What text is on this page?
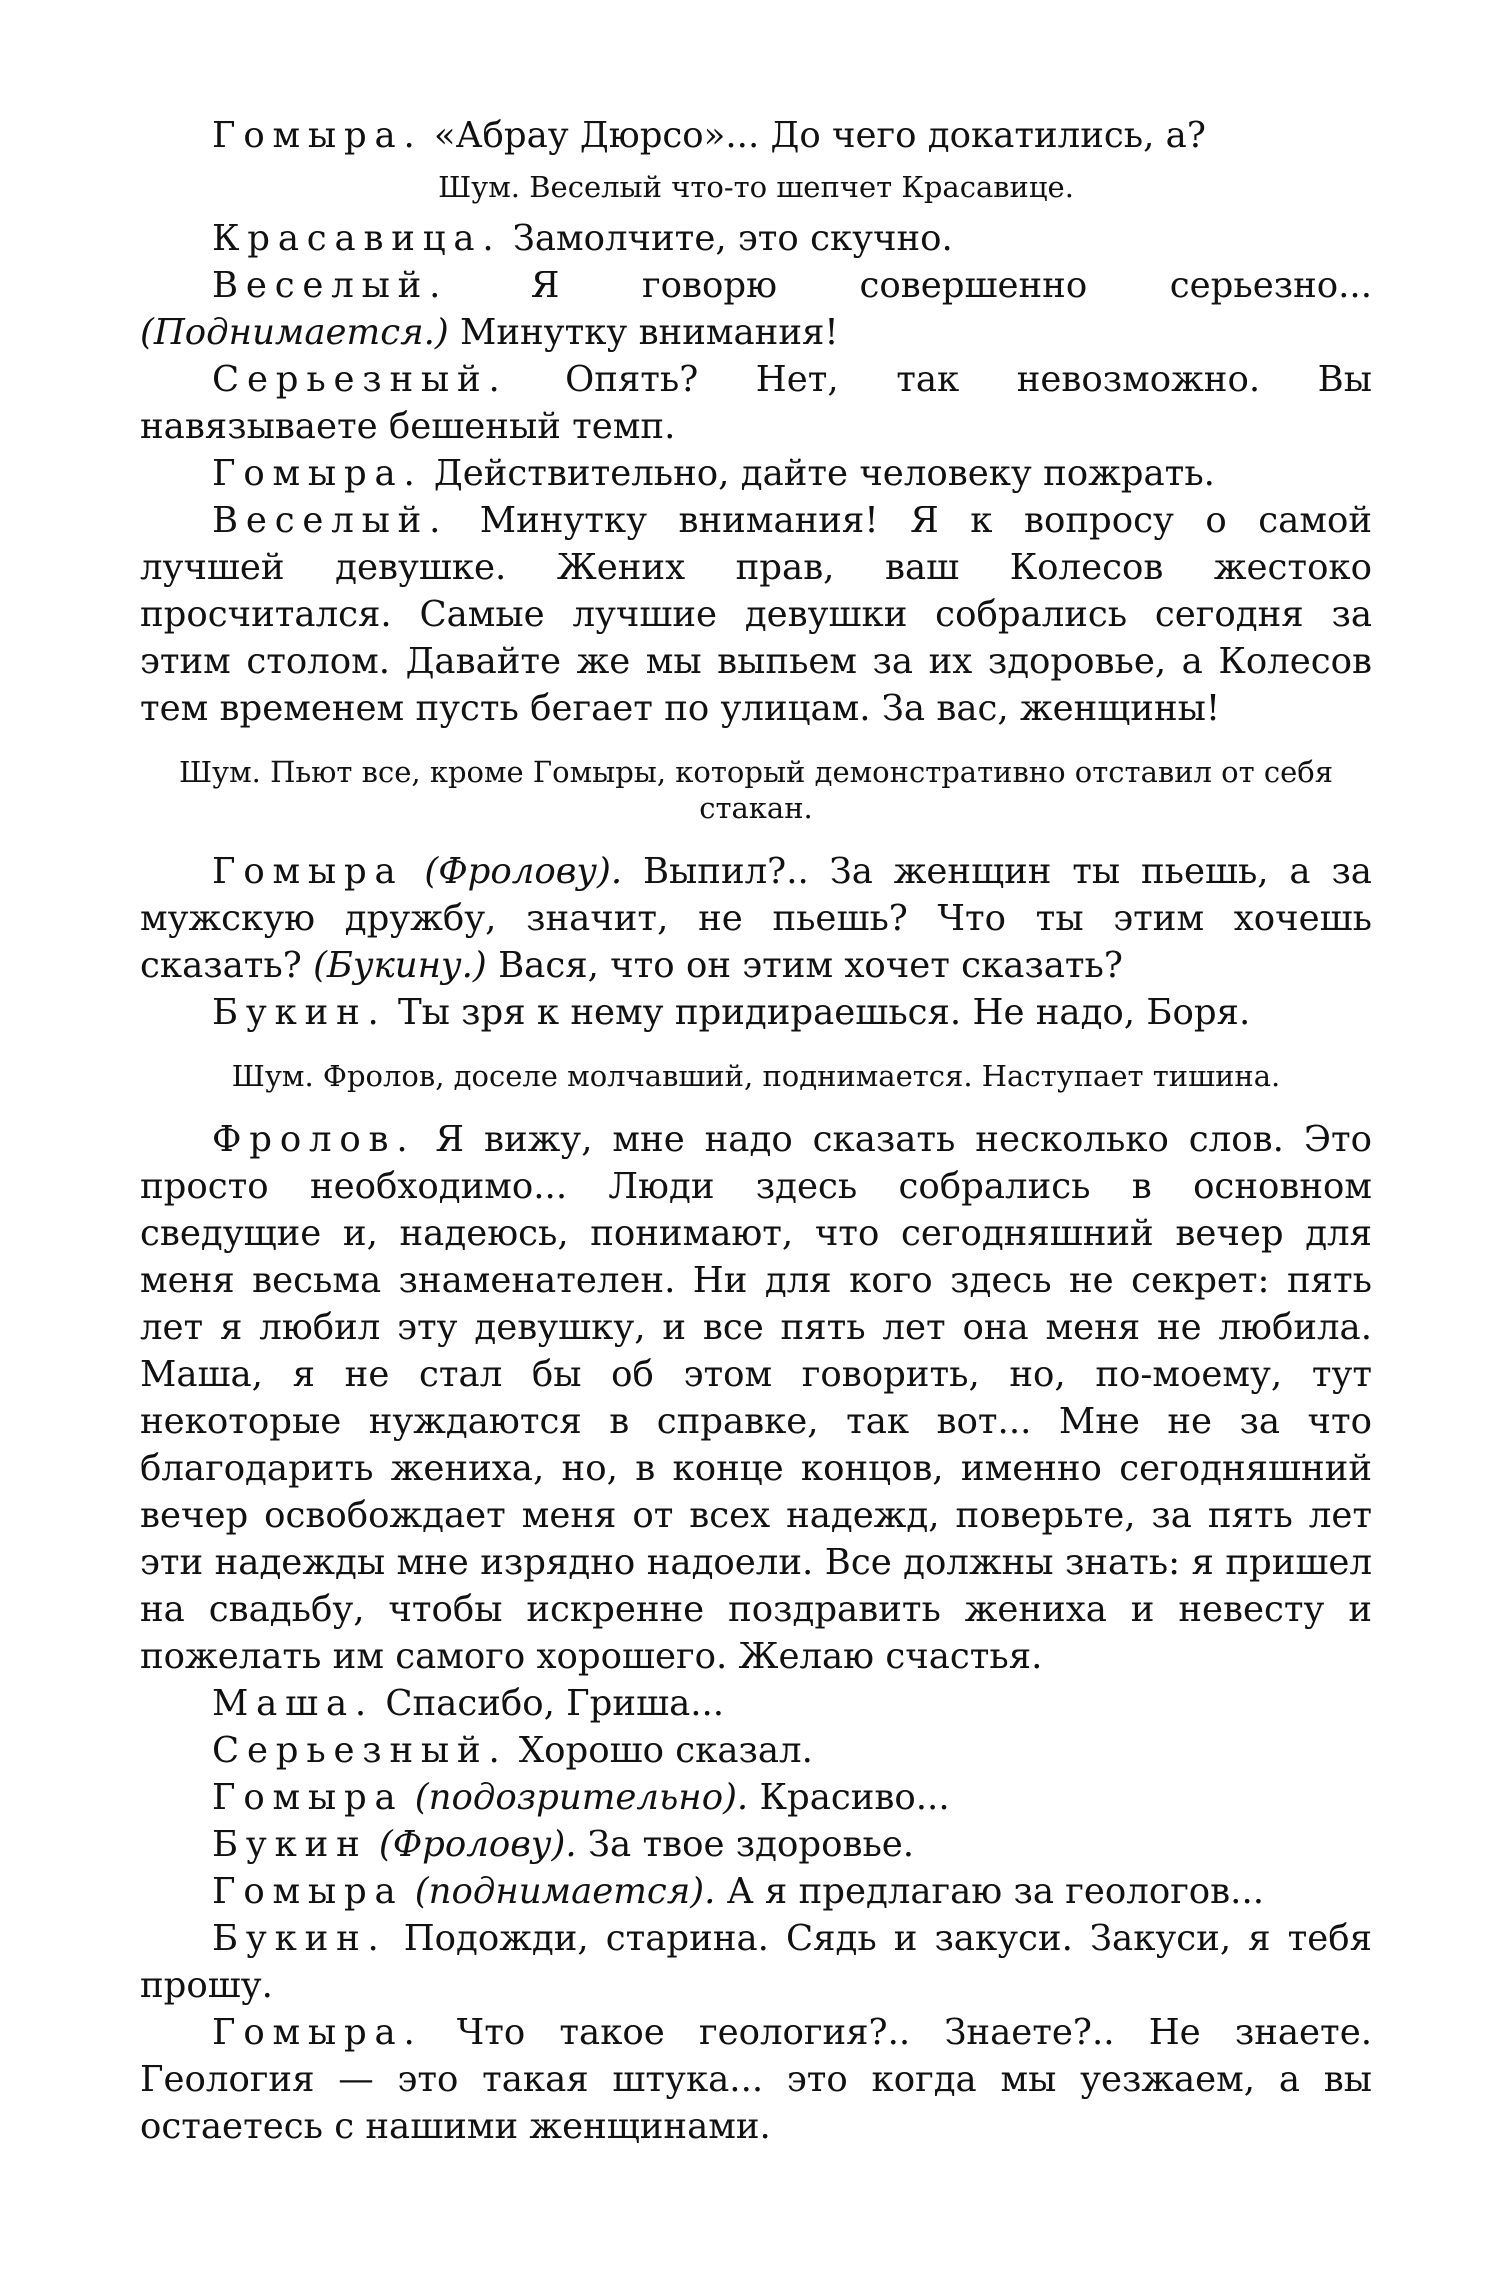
Гомыра. «Абрау Дюрсо»... До чего докатились, а?

Шум. Веселый что-то шепчет Красавице.

Красавица. Замолчите, это скучно.

Веселый. Я говорю совершенно серьезно... (Поднимается.) Минутку внимания!

Серьезный. Опять? Нет, так невозможно. Вы навязываете бешеный темп.

Гомыра. Действительно, дайте человеку пожрать.

Веселый. Минутку внимания! Я к вопросу о самой лучшей девушке. Жених прав, ваш Колесов жестоко просчитался. Самые лучшие девушки собрались сегодня за этим столом. Давайте же мы выпьем за их здоровье, а Колесов тем временем пусть бегает по улицам. За вас, женщины!

Шум. Пьют все, кроме Гомыры, который демонстративно отставил от себя стакан.

Гомыра (Фролову). Выпил?.. За женщин ты пьешь, а за мужскую дружбу, значит, не пьешь? Что ты этим хочешь сказать? (Букину.) Вася, что он этим хочет сказать?

Букин. Ты зря к нему придираешься. Не надо, Боря.

Шум. Фролов, доселе молчавший, поднимается. Наступает тишина.

Фролов. Я вижу, мне надо сказать несколько слов. Это просто необходимо... Люди здесь собрались в основном сведущие и, надеюсь, понимают, что сегодняшний вечер для меня весьма знаменателен. Ни для кого здесь не секрет: пять лет я любил эту девушку, и все пять лет она меня не любила. Маша, я не стал бы об этом говорить, но, по-моему, тут некоторые нуждаются в справке, так вот... Мне не за что благодарить жениха, но, в конце концов, именно сегодняшний вечер освобождает меня от всех надежд, поверьте, за пять лет эти надежды мне изрядно надоели. Все должны знать: я пришел на свадьбу, чтобы искренне поздравить жениха и невесту и пожелать им самого хорошего. Желаю счастья.

Маша. Спасибо, Гриша...

Серьезный. Хорошо сказал.

Гомыра (подозрительно). Красиво...

Букин (Фролову). За твое здоровье.

Гомыра (поднимается). А я предлагаю за геологов...

Букин. Подожди, старина. Сядь и закуси. Закуси, я тебя прошу.

Гомыра. Что такое геология?.. Знаете?.. Не знаете. Геология — это такая штука... это когда мы уезжаем, а вы остаетесь с нашими женщинами.
